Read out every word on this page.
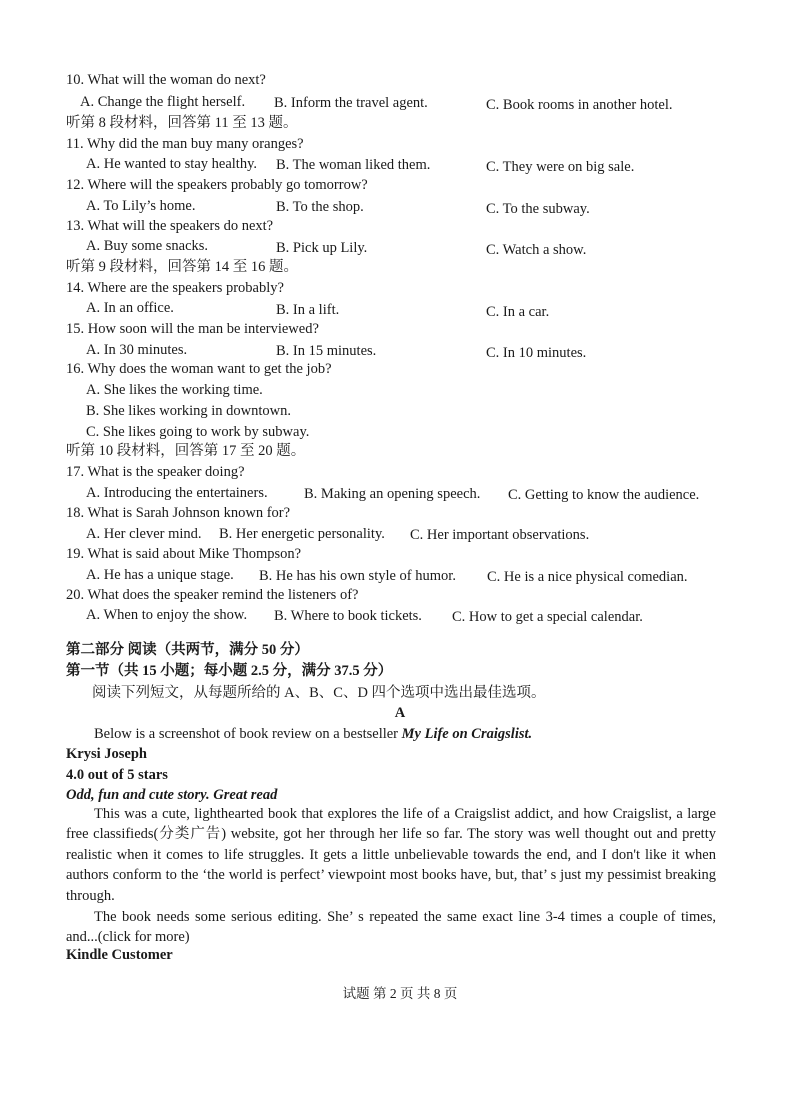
10. What will the woman do next?
A. Change the flight herself. B. Inform the travel agent.	C. Book rooms in another hotel.
听第 8 段材料，回答第 11 至 13 题。
11. Why did the man buy many oranges?
A. He wanted to stay healthy. B. The woman liked them.	C. They were on big sale.
12. Where will the speakers probably go tomorrow?
A. To Lily’s home.	B. To the shop.	C. To the subway.
13. What will the speakers do next?
A. Buy some snacks.	B. Pick up Lily.	C. Watch a show.
听第 9 段材料，回答第 14 至 16 题。
14. Where are the speakers probably?
A. In an office.	B. In a lift.	C. In a car.
15. How soon will the man be interviewed?
A. In 30 minutes.	B. In 15 minutes.	C. In 10 minutes.
16. Why does the woman want to get the job?
A. She likes the working time.
B. She likes working in downtown.
C. She likes going to work by subway.
听第 10 段材料，回答第 17 至 20 题。
17. What is the speaker doing?
A. Introducing the entertainers.	B. Making an opening speech. C. Getting to know the audience.
18. What is Sarah Johnson known for?
A. Her clever mind. B. Her energetic personality. C. Her important observations.
19. What is said about Mike Thompson?
A. He has a unique stage. B. He has his own style of humor. C. He is a nice physical comedian.
20. What does the speaker remind the listeners of?
A. When to enjoy the show. B. Where to book tickets. C. How to get a special calendar.
第二部分 阅读（共两节，满分 50 分）
第一节（共 15 小题；每小题 2.5 分，满分 37.5 分）
阅读下列短文，从每题所给的 A、B、C、D 四个选项中选出最佳选项。
A
Below is a screenshot of book review on a bestseller My Life on Craigslist.
Krysi Joseph
4.0 out of 5 stars
Odd, fun and cute story. Great read
This was a cute, lighthearted book that explores the life of a Craigslist addict, and how Craigslist, a large free classifieds(分类广告) website, got her through her life so far. The story was well thought out and pretty realistic when it comes to life struggles. It gets a little unbelievable towards the end, and I don't like it when authors conform to the ‘the world is perfect’ viewpoint most books have, but, that’ s just my pessimist breaking through.
The book needs some serious editing. She’ s repeated the same exact line 3-4 times a couple of times, and...(click for more)
Kindle Customer
试题 第 2 页 共 8 页
